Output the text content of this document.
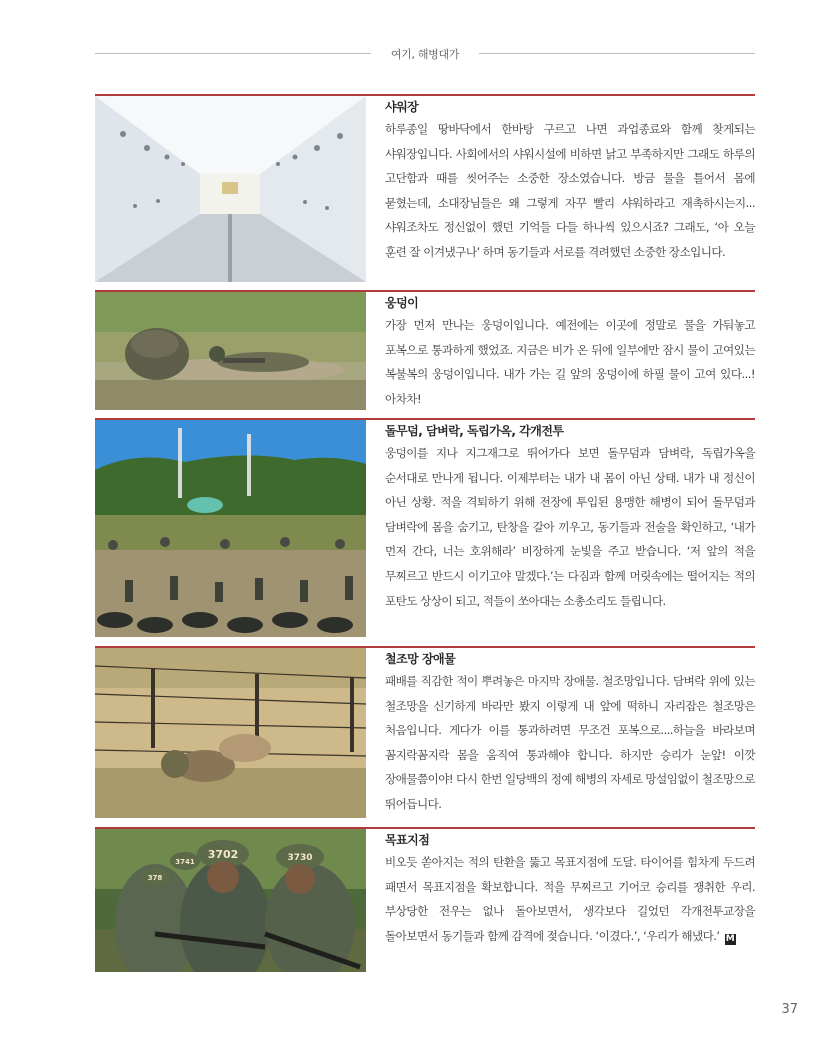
여기, 해병대가
샤워장

하루종일 땅바닥에서 한바탕 구르고 나면 과업종료와 함께 찾게되는 샤워장입니다. 사회에서의 샤워시설에 비하면 낡고 부족하지만 그래도 하루의 고단함과 때를 씻어주는 소중한 장소였습니다. 방금 물을 틀어서 몸에 묻혔는데, 소대장님들은 왜 그렇게 자꾸 빨리 샤워하라고 재촉하시는지... 샤워조차도 정신없이 했던 기억들 다들 하나씩 있으시죠? 그래도, ‘아 오늘 훈련 잘 이겨냈구나’ 하며 동기들과 서로를 격려했던 소중한 장소입니다.

웅덩이

가장 먼저 만나는 웅덩이입니다. 예전에는 이곳에 정말로 물을 가둬놓고 포복으로 통과하게 했었죠. 지금은 비가 온 뒤에 일부에만 잠시 물이 고여있는 복불복의 웅덩이입니다. 내가 가는 길 앞의 웅덩이에 하필 물이 고여 있다...! 아차차!

돌무덤, 담벼락, 독립가옥, 각개전투

웅덩이를 지나 지그재그로 뛰어가다 보면 돌무덤과 담벼락, 독립가옥을 순서대로 만나게 됩니다. 이제부터는 내가 내 몸이 아닌 상태. 내가 내 정신이 아닌 상황. 적을 격퇴하기 위해 전장에 투입된 용맹한 해병이 되어 돌무덤과 담벼락에 몸을 숨기고, 탄창을 갈아 끼우고, 동기들과 전술을 확인하고, ‘내가 먼저 간다, 너는 호위해라’ 비장하게 눈빛을 주고 받습니다. ‘저 앞의 적을 무찌르고 반드시 이기고야 말겠다.’는 다짐과 함께 머릿속에는 떨어지는 적의 포탄도 상상이 되고, 적들이 쏘아대는 소총소리도 들립니다.

철조망 장애물

패배를 직감한 적이 뿌려놓은 마지막 장애물. 철조망입니다. 담벼락 위에 있는 철조망을 신기하게 바라만 봤지 이렇게 내 앞에 떡하니 자리잡은 철조망은 처음입니다. 게다가 이를 통과하려면 무조건 포복으로....하늘을 바라보며 꼼지락꼼지락 몸을 움직여 통과해야 합니다. 하지만 승리가 눈앞! 이깟 장애물쯤이야! 다시 한번 일당백의 정예 해병의 자세로 망설임없이 철조망으로 뛰어듭니다.

3702
3741	3730
378
목표지점

비오듯 쏟아지는 적의 탄환을 뚫고 목표지점에 도달. 타이어를 힘차게 두드려 패면서 목표지점을 확보합니다. 적을 무찌르고 기어코 승리를 쟁취한 우리. 부상당한 전우는 없나 돌아보면서, 생각보다 길었던 각개전투교장을 돌아보면서 동기들과 함께 감격에 젖습니다. ‘이겼다.’, ‘우리가 해냈다.’ M

37
